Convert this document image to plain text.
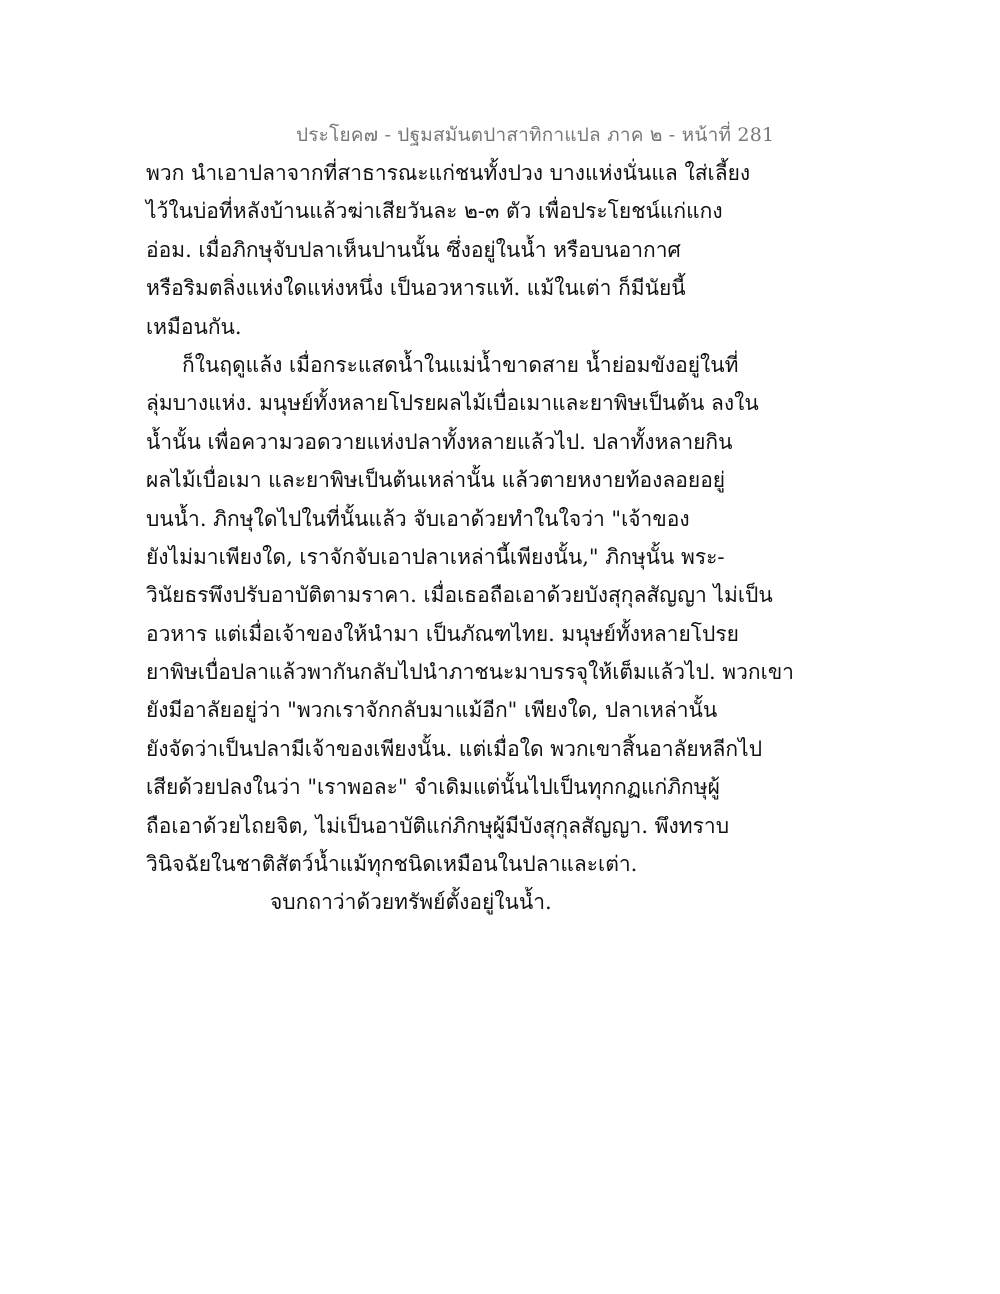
ประโยค๗ - ปฐมสมันตปาสาทิกาแปล ภาค ๒ - หน้าที่ 281
พวก นำเอาปลาจากที่สาธารณะแก่ชนทั้งปวง บางแห่งนั่นแล ใส่เลี้ยง
ไว้ในบ่อที่หลังบ้านแล้วฆ่าเสียวันละ ๒-๓ ตัว เพื่อประโยชน์แก่แกง
อ่อม. เมื่อภิกษุจับปลาเห็นปานนั้น ซึ่งอยู่ในน้ำ หรือบนอากาศ
หรือริมตลิ่งแห่งใดแห่งหนึ่ง เป็นอวหารแท้. แม้ในเต่า ก็มีนัยนี้
เหมือนกัน.
ก็ในฤดูแล้ง เมื่อกระแสดน้ำในแม่น้ำขาดสาย น้ำย่อมขังอยู่ในที่
ลุ่มบางแห่ง. มนุษย์ทั้งหลายโปรยผลไม้เบื่อเมาและยาพิษเป็นต้น ลงใน
น้ำนั้น เพื่อความวอดวายแห่งปลาทั้งหลายแล้วไป. ปลาทั้งหลายกิน
ผลไม้เบื่อเมา และยาพิษเป็นต้นเหล่านั้น แล้วตายหงายท้องลอยอยู่
บนน้ำ. ภิกษุใดไปในที่นั้นแล้ว จับเอาด้วยทำในใจว่า "เจ้าของ
ยังไม่มาเพียงใด, เราจักจับเอาปลาเหล่านี้เพียงนั้น," ภิกษุนั้น พระ-
วินัยธรพึงปรับอาบัติตามราคา. เมื่อเธอถือเอาด้วยบังสุกุลสัญญา ไม่เป็น
อวหาร แต่เมื่อเจ้าของให้นำมา เป็นภัณฑไทย. มนุษย์ทั้งหลายโปรย
ยาพิษเบื่อปลาแล้วพากันกลับไปนำภาชนะมาบรรจุให้เต็มแล้วไป. พวกเขา
ยังมีอาลัยอยู่ว่า "พวกเราจักกลับมาแม้อีก" เพียงใด, ปลาเหล่านั้น
ยังจัดว่าเป็นปลามีเจ้าของเพียงนั้น. แต่เมื่อใด พวกเขาสิ้นอาลัยหลีกไป
เสียด้วยปลงในว่า "เราพอละ" จำเดิมแต่นั้นไปเป็นทุกกฏแก่ภิกษุผู้
ถือเอาด้วยไถยจิต, ไม่เป็นอาบัติแก่ภิกษุผู้มีบังสุกุลสัญญา. พึงทราบ
วินิจฉัยในชาติสัตว์น้ำแม้ทุกชนิดเหมือนในปลาและเต่า.
จบกถาว่าด้วยทรัพย์ตั้งอยู่ในน้ำ.
